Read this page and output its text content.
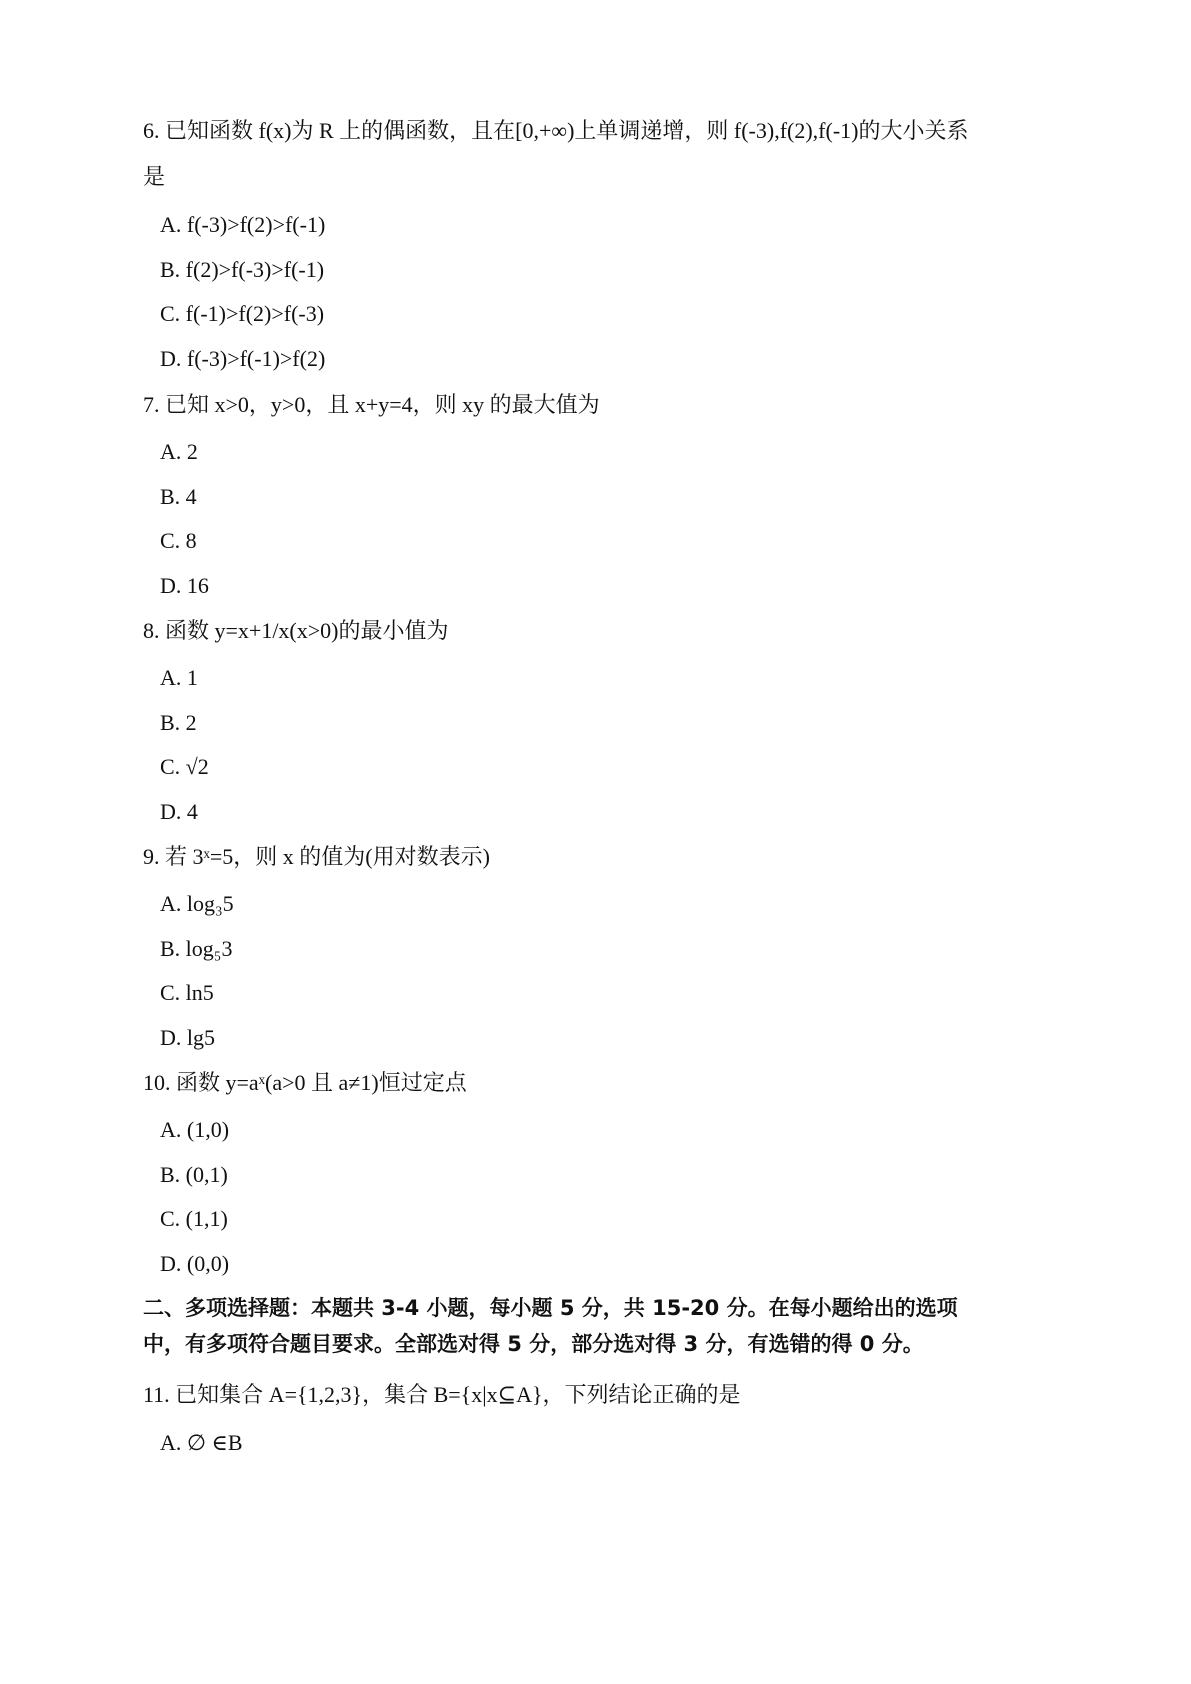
6. 已知函数 f(x)为 R 上的偶函数，且在[0,+∞)上单调递增，则 f(-3),f(2),f(-1)的大小关系
是
A. f(-3)>f(2)>f(-1)
B. f(2)>f(-3)>f(-1)
C. f(-1)>f(2)>f(-3)
D. f(-3)>f(-1)>f(2)
7. 已知 x>0，y>0，且 x+y=4，则 xy 的最大值为
A. 2
B. 4
C. 8
D. 16
8. 函数 y=x+1/x(x>0)的最小值为
A. 1
B. 2
C. √2
D. 4
9. 若 3ˣ=5，则 x 的值为(用对数表示)
A. log₃5
B. log₅3
C. ln5
D. lg5
10. 函数 y=aˣ(a>0 且 a≠1)恒过定点
A. (1,0)
B. (0,1)
C. (1,1)
D. (0,0)
二、多项选择题：本题共 3-4 小题，每小题 5 分，共 15-20 分。在每小题给出的选项
中，有多项符合题目要求。全部选对得 5 分，部分选对得 3 分，有选错的得 0 分。
11. 已知集合 A={1,2,3}，集合 B={x|x⊆A}，下列结论正确的是
A. ∅ ∈B
